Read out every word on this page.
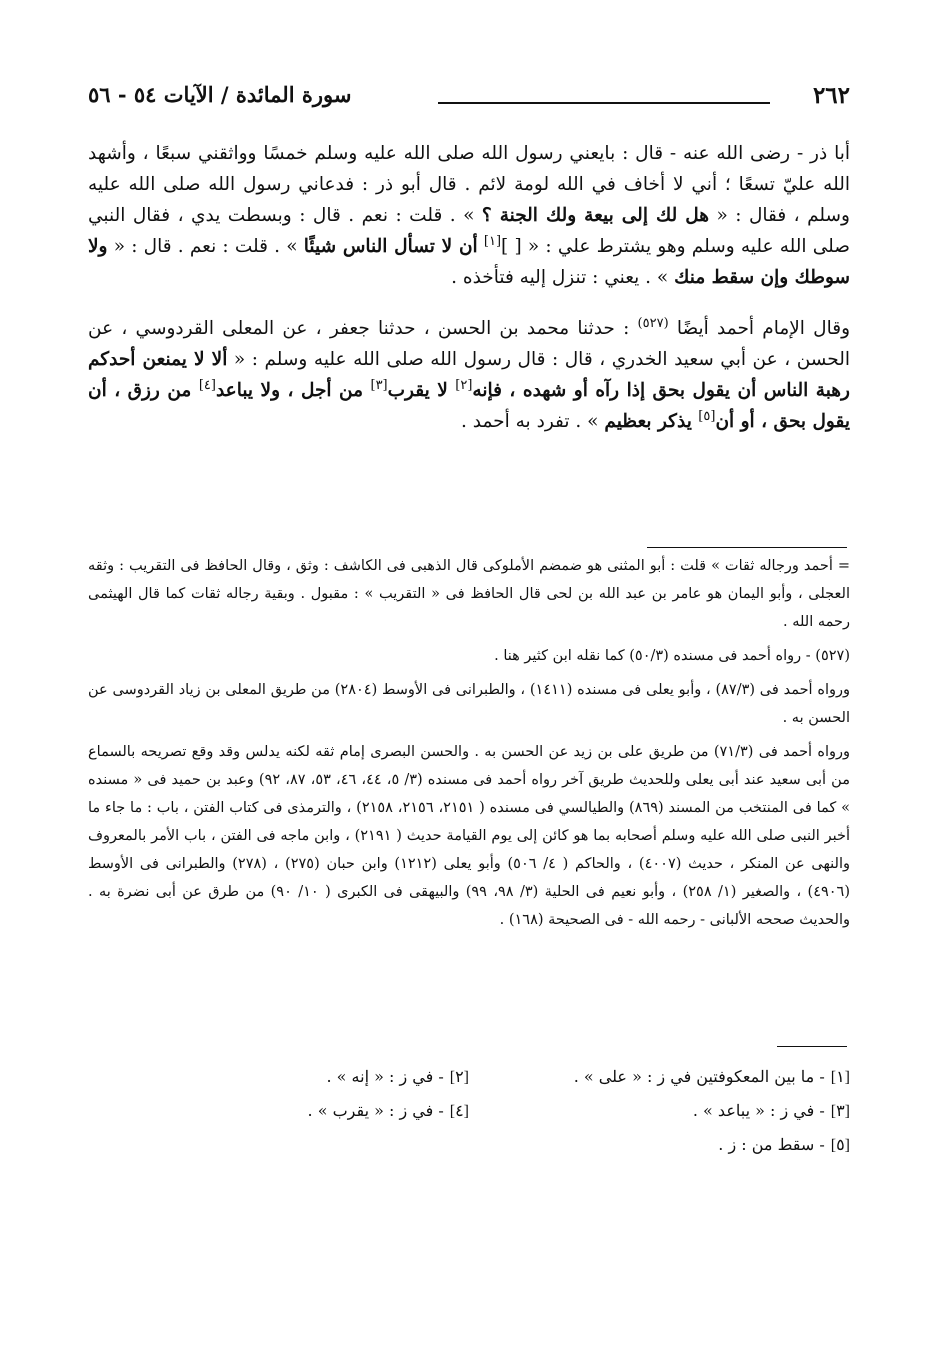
٢٦٢
سورة المائدة / الآيات ٥٤ - ٥٦

أبا ذر - رضى الله عنه - قال : بايعني رسول الله صلى الله عليه وسلم خمسًا وواثقني سبعًا ، وأشهد الله عليّ تسعًا ؛ أني لا أخاف في الله لومة لائم . قال أبو ذر : فدعاني رسول الله صلى الله عليه وسلم ، فقال : « هل لك إلى بيعة ولك الجنة ؟ » . قلت : نعم . قال : وبسطت يدي ، فقال النبي صلى الله عليه وسلم وهو يشترط علي : « [ ][١] أن لا تسأل الناس شيئًا » . قلت : نعم . قال : « ولا سوطك وإن سقط منك » . يعني : تنزل إليه فتأخذه .

وقال الإمام أحمد أيضًا $^{(٥٢٧)}$ : حدثنا محمد بن الحسن ، حدثنا جعفر ، عن المعلى القردوسي ، عن الحسن ، عن أبي سعيد الخدري ، قال : قال رسول الله صلى الله عليه وسلم : « ألا لا يمنعن أحدكم رهبة الناس أن يقول بحق إذا رآه أو شهده ، فإنه[٢] لا يقرب[٣] من أجل ، ولا يباعد[٤] من رزق ، أن يقول بحق ، أو أن[٥] يذكر بعظيم » . تفرد به أحمد .

= أحمد ورجاله ثقات » قلت : أبو المثنى هو ضمضم الأملوكى قال الذهبى فى الكاشف : وثق ، وقال الحافظ فى التقريب : وثقه العجلى ، وأبو اليمان هو عامر بن عبد الله بن لحى قال الحافظ فى « التقريب » : مقبول . وبقية رجاله ثقات كما قال الهيثمى رحمه الله .

(٥٢٧) - رواه أحمد فى مسنده (٥٠/٣) كما نقله ابن كثير هنا .

ورواه أحمد فى (٨٧/٣) ، وأبو يعلى فى مسنده (١٤١١) ، والطبرانى فى الأوسط (٢٨٠٤) من طريق المعلى بن زياد القردوسى عن الحسن به .

ورواه أحمد فى (٧١/٣) من طريق على بن زيد عن الحسن به . والحسن البصرى إمام ثقه لكنه يدلس وقد وقع تصريحه بالسماع من أبى سعيد عند أبى يعلى وللحديث طريق آخر رواه أحمد فى مسنده (٣/ ٥، ٤٤، ٤٦، ٥٣، ٨٧، ٩٢) وعبد بن حميد فى « مسنده » كما فى المنتخب من المسند (٨٦٩) والطيالسي فى مسنده ( ٢١٥١، ٢١٥٦، ٢١٥٨) ، والترمذى فى كتاب الفتن ، باب : ما جاء ما أخبر النبى صلى الله عليه وسلم أصحابه بما هو كائن إلى يوم القيامة حديث ( ٢١٩١) ، وابن ماجه فى الفتن ، باب الأمر بالمعروف والنهى عن المنكر ، حديث (٤٠٠٧) ، والحاكم ( ٤/ ٥٠٦) وأبو يعلى (١٢١٢) وابن حبان (٢٧٥) ، (٢٧٨) والطبرانى فى الأوسط (٤٩٠٦) ، والصغير (١/ ٢٥٨) ، وأبو نعيم فى الحلية (٣/ ٩٨، ٩٩) والبيهقى فى الكبرى ( ١٠/ ٩٠) من طرق عن أبى نضرة به . والحديث صححه الألبانى - رحمه الله - فى الصحيحة (١٦٨) .

[١]- ما بين المعكوفتين في ز : « على » .
[٢]- في ز : « إنه » .
[٣]- في ز : « يباعد » .
[٤]- في ز : « يقرب » .
[٥]- سقط من : ز .
